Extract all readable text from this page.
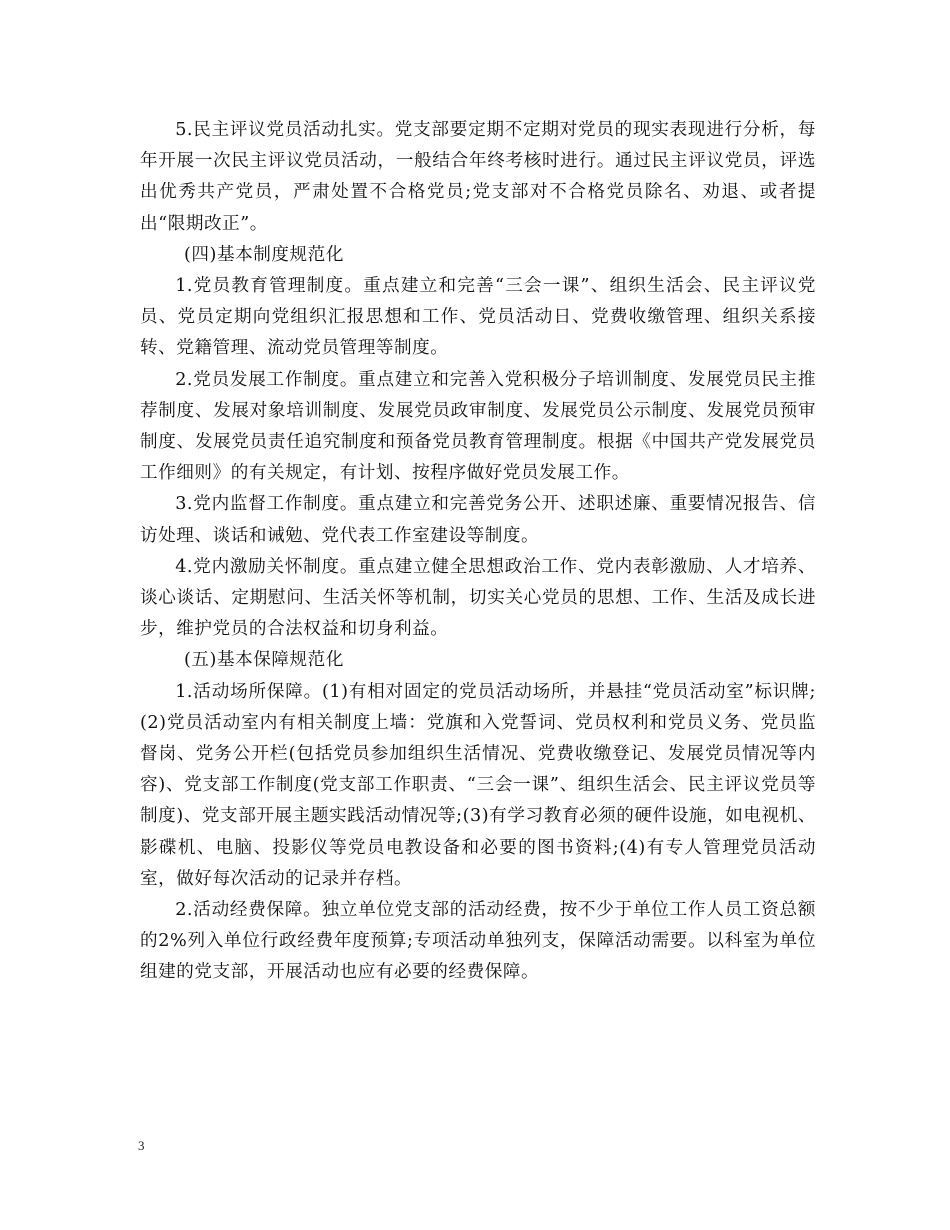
5.民主评议党员活动扎实。党支部要定期不定期对党员的现实表现进行分析，每年开展一次民主评议党员活动，一般结合年终考核时进行。通过民主评议党员，评选出优秀共产党员，严肃处置不合格党员;党支部对不合格党员除名、劝退、或者提出“限期改正”。

(四)基本制度规范化

1.党员教育管理制度。重点建立和完善“三会一课”、组织生活会、民主评议党员、党员定期向党组织汇报思想和工作、党员活动日、党费收缴管理、组织关系接转、党籍管理、流动党员管理等制度。

2.党员发展工作制度。重点建立和完善入党积极分子培训制度、发展党员民主推荐制度、发展对象培训制度、发展党员政审制度、发展党员公示制度、发展党员预审制度、发展党员责任追究制度和预备党员教育管理制度。根据《中国共产党发展党员工作细则》的有关规定，有计划、按程序做好党员发展工作。

3.党内监督工作制度。重点建立和完善党务公开、述职述廉、重要情况报告、信访处理、谈话和诫勉、党代表工作室建设等制度。

4.党内激励关怀制度。重点建立健全思想政治工作、党内表彰激励、人才培养、谈心谈话、定期慰问、生活关怀等机制，切实关心党员的思想、工作、生活及成长进步，维护党员的合法权益和切身利益。

(五)基本保障规范化

1.活动场所保障。(1)有相对固定的党员活动场所，并悬挂“党员活动室”标识牌;(2)党员活动室内有相关制度上墙：党旗和入党誓词、党员权利和党员义务、党员监督岗、党务公开栏(包括党员参加组织生活情况、党费收缴登记、发展党员情况等内容)、党支部工作制度(党支部工作职责、“三会一课”、组织生活会、民主评议党员等制度)、党支部开展主题实践活动情况等;(3)有学习教育必须的硬件设施，如电视机、影碟机、电脑、投影仪等党员电教设备和必要的图书资料;(4)有专人管理党员活动室，做好每次活动的记录并存档。

2.活动经费保障。独立单位党支部的活动经费，按不少于单位工作人员工资总额的2%列入单位行政经费年度预算;专项活动单独列支，保障活动需要。以科室为单位组建的党支部，开展活动也应有必要的经费保障。

3
